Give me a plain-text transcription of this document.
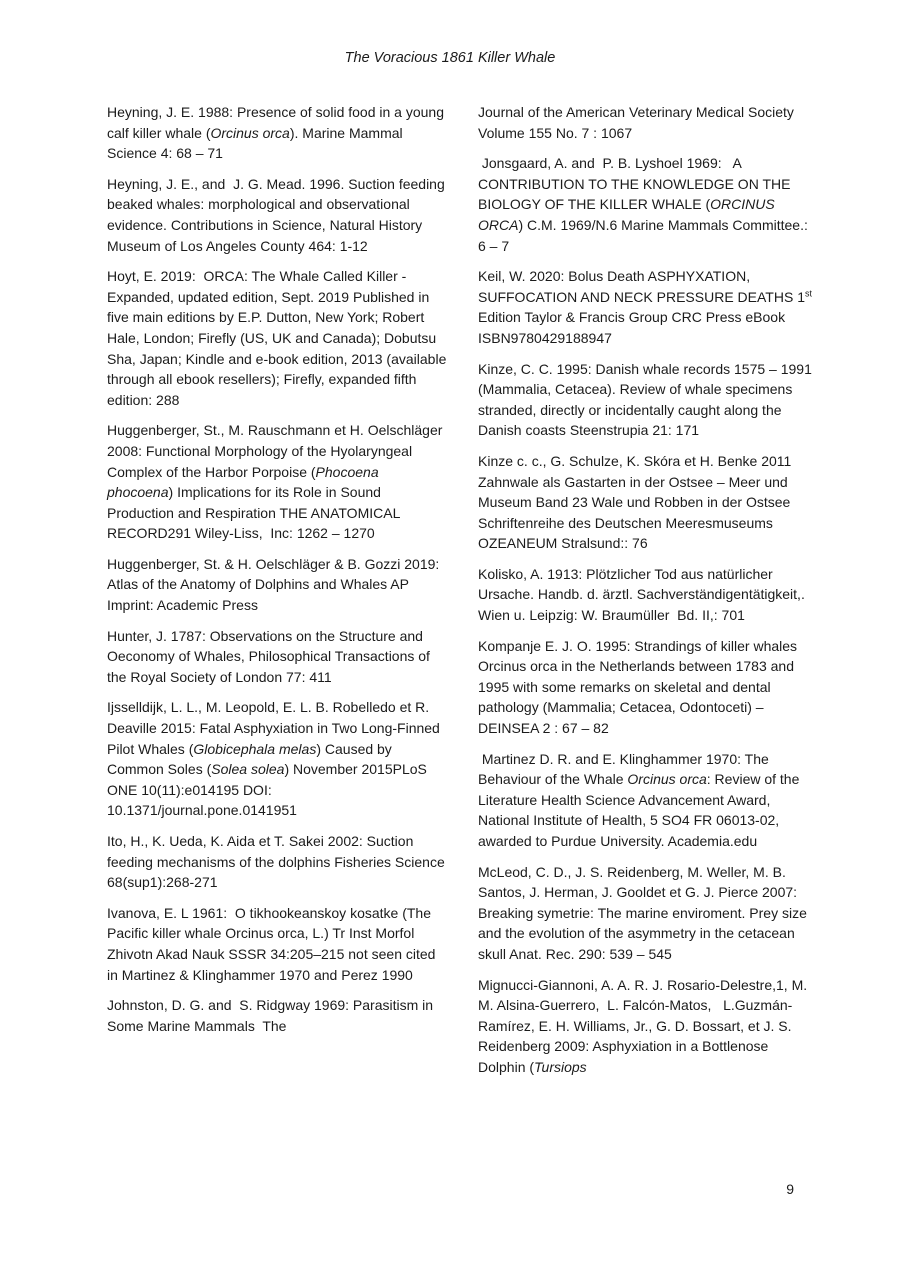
The Voracious 1861 Killer Whale

Heyning, J. E. 1988: Presence of solid food in a young calf killer whale (Orcinus orca). Marine Mammal Science 4: 68 – 71

Heyning, J. E., and  J. G. Mead. 1996. Suction feeding beaked whales: morphological and observational evidence. Contributions in Science, Natural History Museum of Los Angeles County 464: 1-12

Hoyt, E. 2019:  ORCA: The Whale Called Killer - Expanded, updated edition, Sept. 2019 Published in five main editions by E.P. Dutton, New York; Robert Hale, London; Firefly (US, UK and Canada); Dobutsu Sha, Japan; Kindle and e-book edition, 2013 (available through all ebook resellers); Firefly, expanded fifth edition: 288

Huggenberger, St., M. Rauschmann et H. Oelschläger 2008: Functional Morphology of the Hyolaryngeal Complex of the Harbor Porpoise (Phocoena phocoena) Implications for its Role in Sound Production and Respiration THE ANATOMICAL RECORD291 Wiley-Liss,  Inc: 1262 – 1270

Huggenberger, St. & H. Oelschläger & B. Gozzi 2019: Atlas of the Anatomy of Dolphins and Whales AP Imprint: Academic Press

Hunter, J. 1787: Observations on the Structure and Oeconomy of Whales, Philosophical Transactions of the Royal Society of London 77: 411

Ijsselldijk, L. L., M. Leopold, E. L. B. Robelledo et R. Deaville 2015: Fatal Asphyxiation in Two Long-Finned Pilot Whales (Globicephala melas) Caused by Common Soles (Solea solea) November 2015PLoS ONE 10(11):e014195 DOI: 10.1371/journal.pone.0141951

Ito, H., K. Ueda, K. Aida et T. Sakei 2002: Suction feeding mechanisms of the dolphins Fisheries Science 68(sup1):268-271

Ivanova, E. L 1961:  O tikhookeanskoy kosatke (The Pacific killer whale Orcinus orca, L.) Tr Inst Morfol Zhivotn Akad Nauk SSSR 34:205–215 not seen cited in Martinez & Klinghammer 1970 and Perez 1990

Johnston, D. G. and  S. Ridgway 1969: Parasitism in Some Marine Mammals  The

Journal of the American Veterinary Medical Society Volume 155 No. 7 : 1067

Jonsgaard, A. and  P. B. Lyshoel 1969:   A CONTRIBUTION TO THE KNOWLEDGE ON THE BIOLOGY OF THE KILLER WHALE (ORCINUS ORCA) C.M. 1969/N.6 Marine Mammals Committee.: 6 – 7

Keil, W. 2020: Bolus Death ASPHYXATION, SUFFOCATION AND NECK PRESSURE DEATHS 1st Edition Taylor & Francis Group CRC Press eBook ISBN9780429188947

Kinze, C. C. 1995: Danish whale records 1575 – 1991 (Mammalia, Cetacea). Review of whale specimens stranded, directly or incidentally caught along the Danish coasts Steenstrupia 21: 171

Kinze c. c., G. Schulze, K. Skóra et H. Benke 2011 Zahnwale als Gastarten in der Ostsee – Meer und Museum Band 23 Wale und Robben in der Ostsee Schriftenreihe des Deutschen Meeresmuseums OZEANEUM Stralsund:: 76

Kolisko, A. 1913: Plötzlicher Tod aus natürlicher Ursache. Handb. d. ärztl. Sachverständigentätigkeit,. Wien u. Leipzig: W. Braumüller  Bd. II,: 701

Kompanje E. J. O. 1995: Strandings of killer whales Orcinus orca in the Netherlands between 1783 and 1995 with some remarks on skeletal and dental pathology (Mammalia; Cetacea, Odontoceti) – DEINSEA 2 : 67 – 82

Martinez D. R. and E. Klinghammer 1970: The Behaviour of the Whale Orcinus orca: Review of the Literature Health Science Advancement Award, National Institute of Health, 5 SO4 FR 06013-02, awarded to Purdue University. Academia.edu

McLeod, C. D., J. S. Reidenberg, M. Weller, M. B. Santos, J. Herman, J. Gooldet et G. J. Pierce 2007: Breaking symetrie: The marine enviroment. Prey size and the evolution of the asymmetry in the cetacean skull Anat. Rec. 290: 539 – 545

Mignucci-Giannoni, A. A. R. J. Rosario-Delestre,1, M. M. Alsina-Guerrero,  L. Falcón-Matos,   L.Guzmán-Ramírez, E. H. Williams, Jr., G. D. Bossart, et J. S. Reidenberg 2009: Asphyxiation in a Bottlenose Dolphin (Tursiops

9
